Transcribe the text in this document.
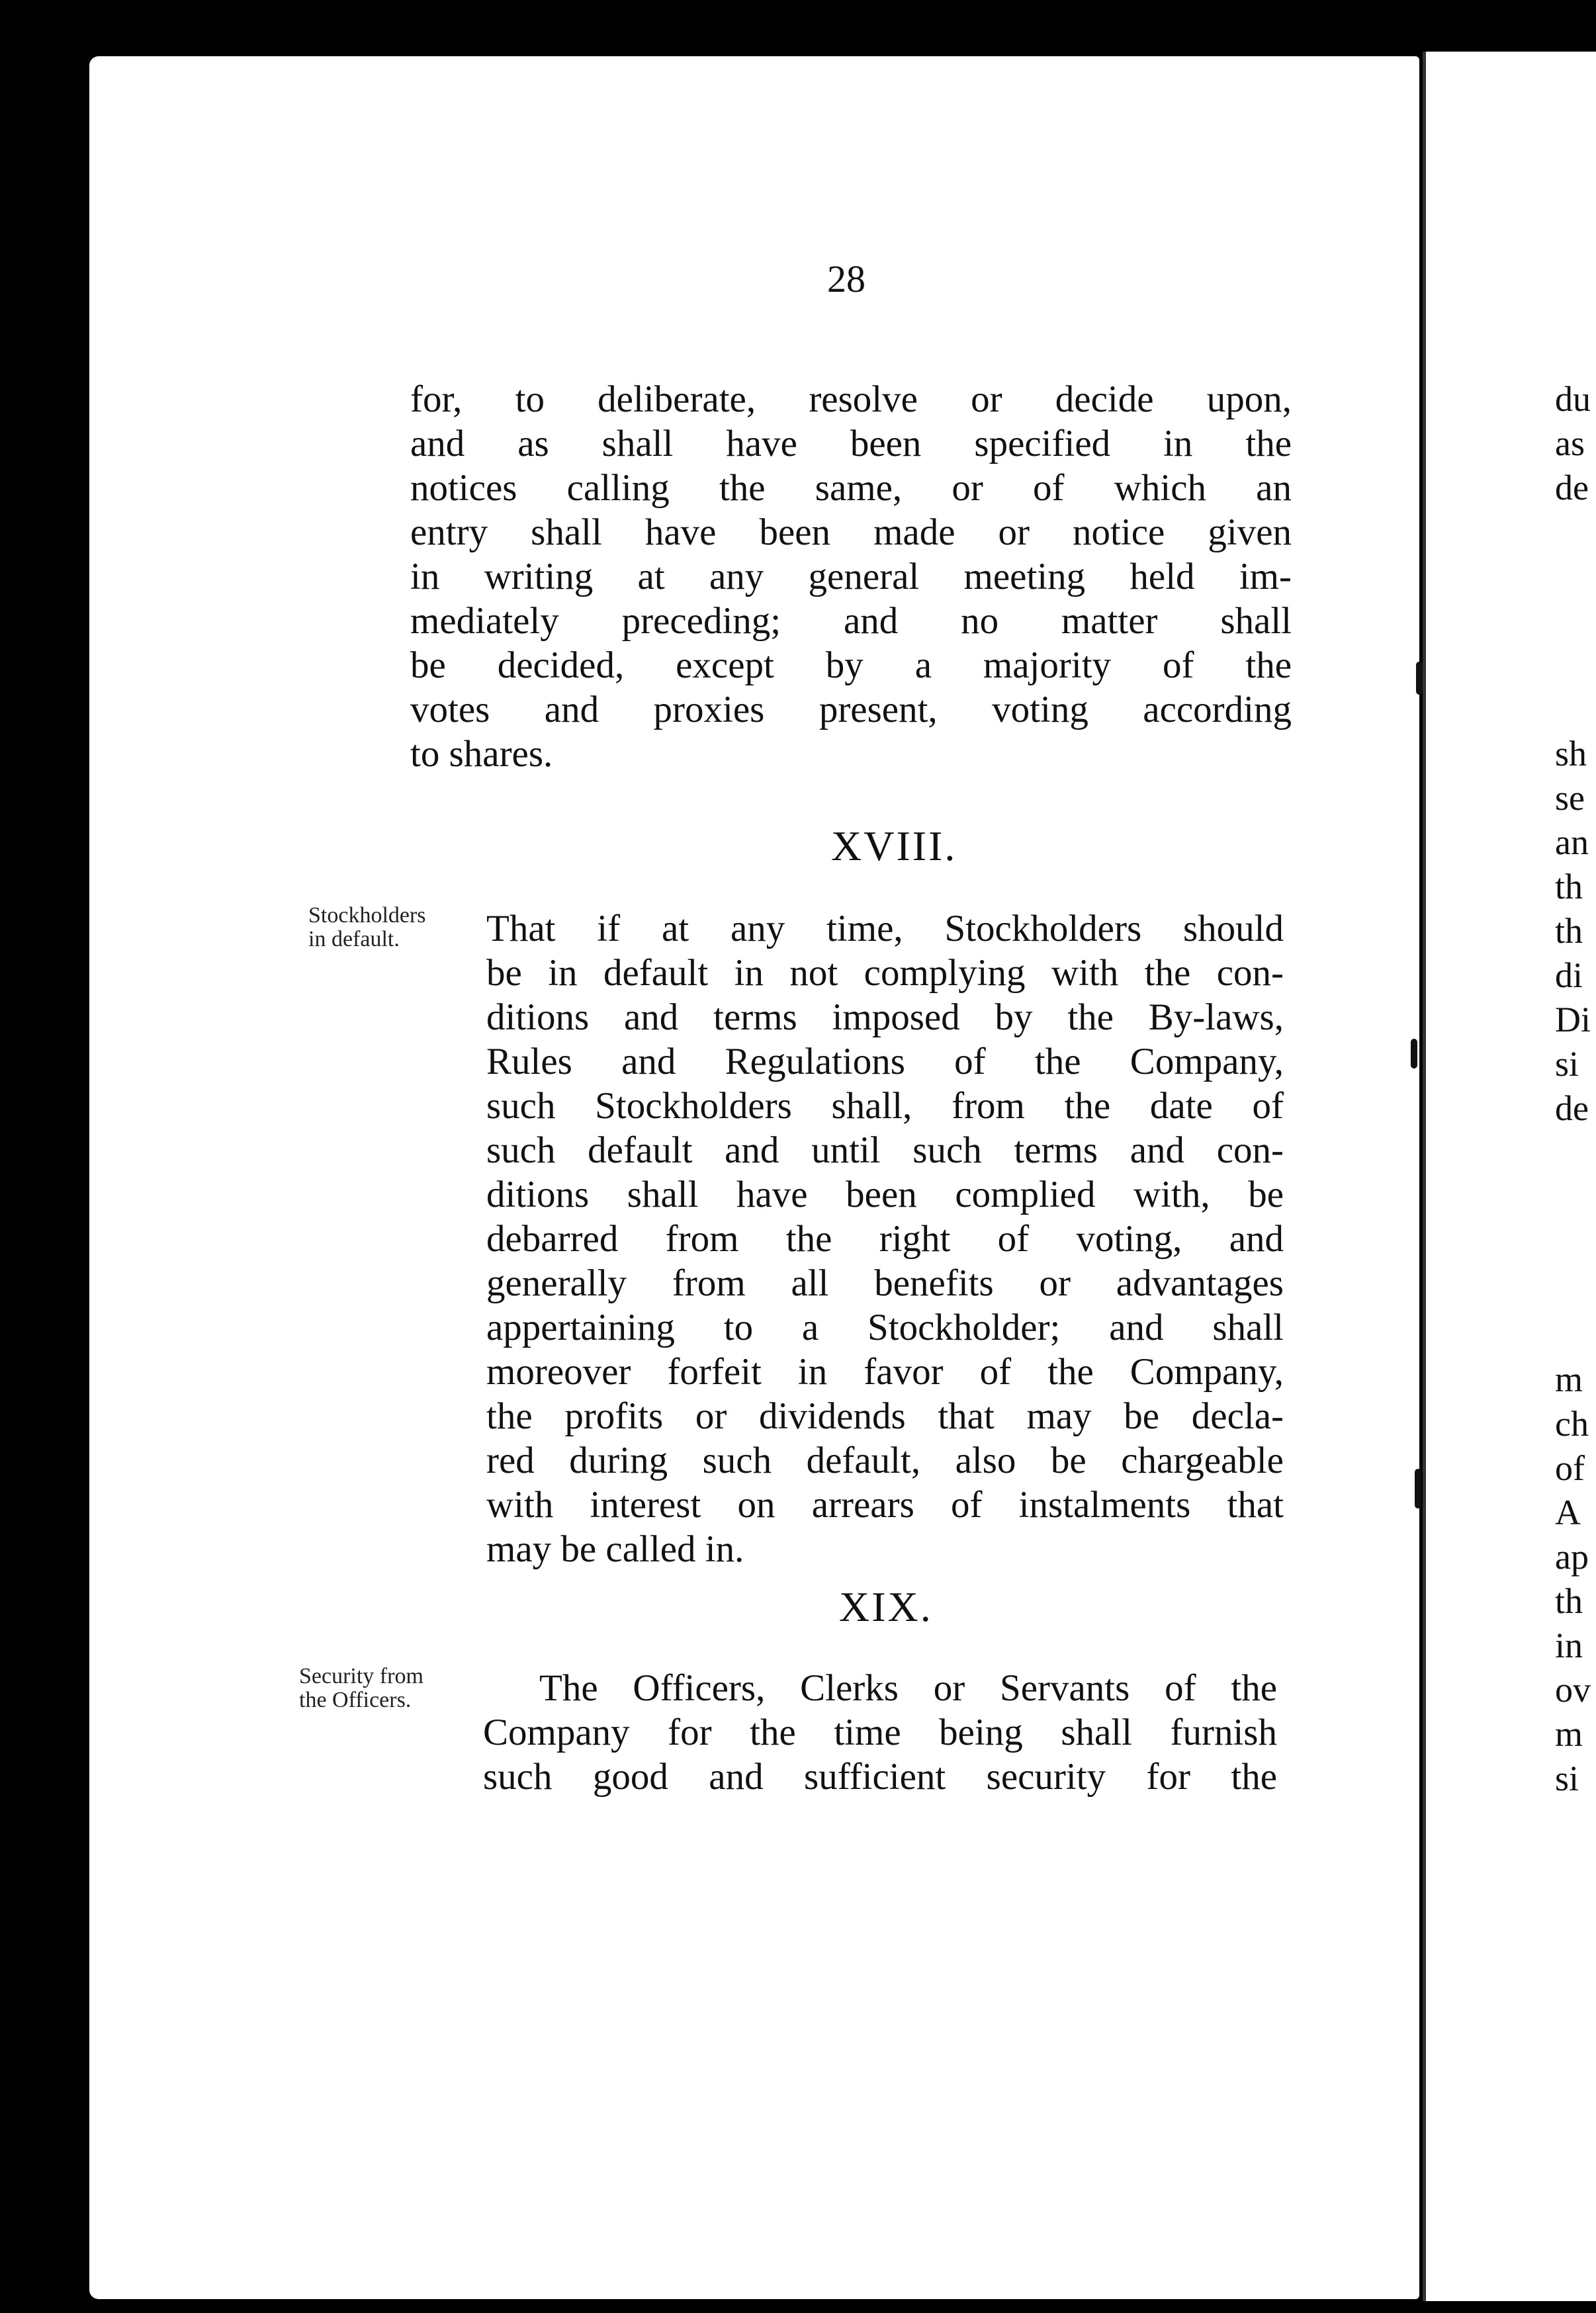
28
for, to deliberate, resolve or decide upon,
and as shall have been specified in the
notices calling the same, or of which an
entry shall have been made or notice given
in writing at any general meeting held im-
mediately preceding; and no matter shall
be decided, except by a majority of the
votes and proxies present, voting according
to shares.
XVIII.
Stockholders
in default.	That if at any time, Stockholders should
be in default in not complying with the con-
ditions and terms imposed by the By-laws,
Rules and Regulations of the Company,
such Stockholders shall, from the date of
such default and until such terms and con-
ditions shall have been complied with, be
debarred from the right of voting, and
generally from all benefits or advantages
appertaining to a Stockholder; and shall
moreover forfeit in favor of the Company,
the profits or dividends that may be decla-
red during such default, also be chargeable
with interest on arrears of instalments that
may be called in.
XIX.
Security from
the Officers.	The Officers, Clerks or Servants of the
Company for the time being shall furnish
such good and sufficient security for the
du
as
de
sh
se
an
th
th
di
Di
si
de
m
ch
of
A
ap
th
in
ov
m
si
